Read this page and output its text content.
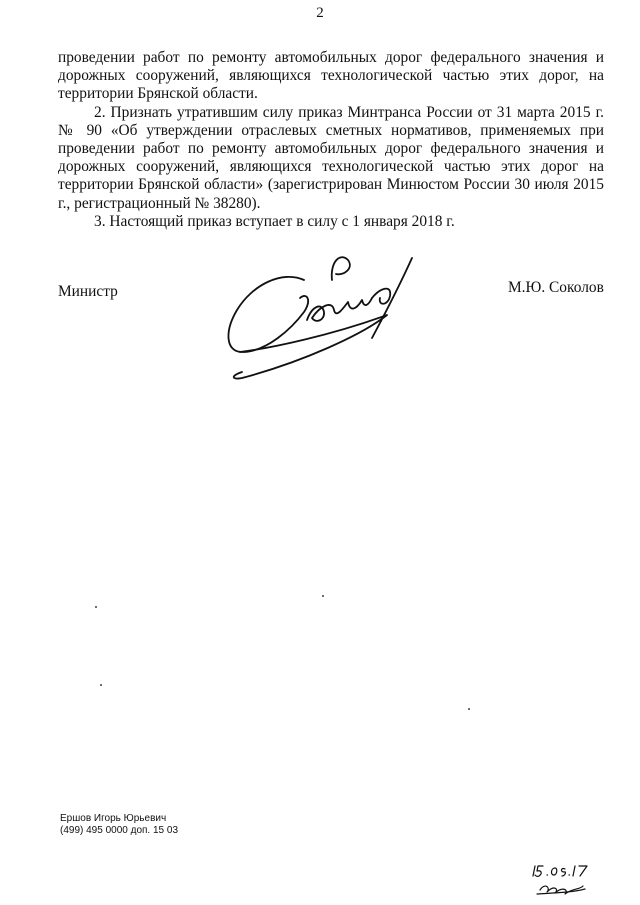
2

проведении работ по ремонту автомобильных дорог федерального значения и дорожных сооружений, являющихся технологической частью этих дорог, на территории Брянской области.

2. Признать утратившим силу приказ Минтранса России от 31 марта 2015 г. № 90 «Об утверждении отраслевых сметных нормативов, применяемых при проведении работ по ремонту автомобильных дорог федерального значения и дорожных сооружений, являющихся технологической частью этих дорог на территории Брянской области» (зарегистрирован Минюстом России 30 июля 2015 г., регистрационный № 38280).

3. Настоящий приказ вступает в силу с 1 января 2018 г.

Министр	М.Ю. Соколов
Ершов Игорь Юрьевич
(499) 495 0000 доп. 15 03
